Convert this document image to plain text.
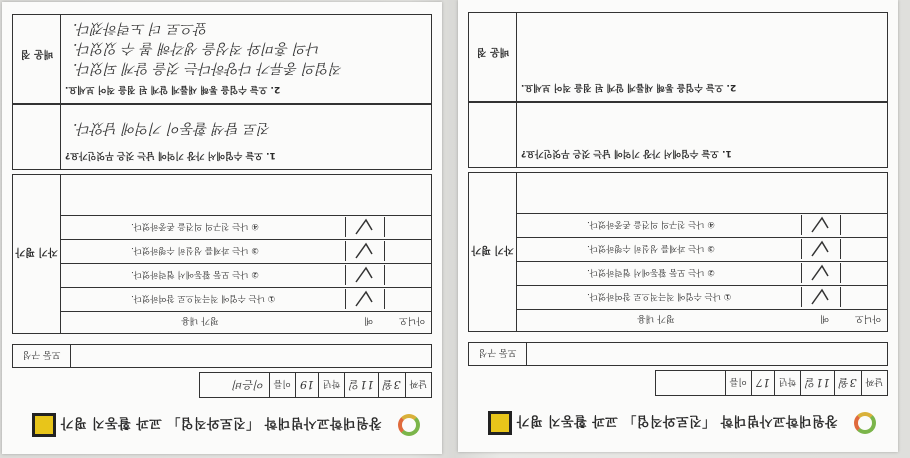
창원대학교사범대학 「진로와직업」 교과 활동지 평가
날짜	3월	11일	학년	19	이름	이은비
모둠 구성
자기 평가
평가 내용	예	아니오
① 나는 수업에 적극적으로 참여하였다.
② 나는 모둠 활동에서 협력하였다.
③ 나는 과제를 성실히 수행하였다.
④ 나는 친구의 의견을 존중하였다.
1. 오늘 수업에서 가장 기억에 남는 것은 무엇인가요?
진로 탐색 활동이 기억에 남았다.
배운 점
2. 오늘 수업을 통해 새롭게 알게 된 점을 적어 보세요.
직업의 종류가 다양하다는 것을 알게 되었다.
나의 흥미와 적성을 생각해 볼 수 있었다.
앞으로 더 노력하겠다.
창원대학교사범대학 「진로와직업」 교과 활동지 평가
날짜	3월	11일	학년	17	이름	
모둠 구성
자기 평가
평가 내용	예	아니오
① 나는 수업에 적극적으로 참여하였다.
② 나는 모둠 활동에서 협력하였다.
③ 나는 과제를 성실히 수행하였다.
④ 나는 친구의 의견을 존중하였다.
1. 오늘 수업에서 가장 기억에 남는 것은 무엇인가요?
배운 점
2. 오늘 수업을 통해 새롭게 알게 된 점을 적어 보세요.
